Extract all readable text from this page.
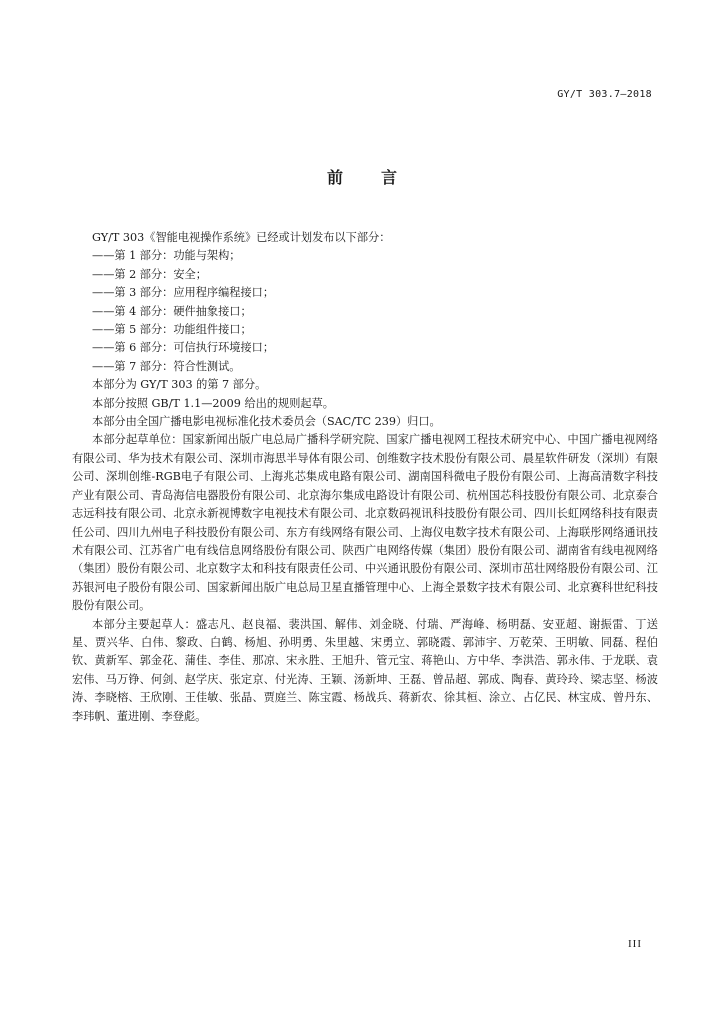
GY/T 303.7—2018
前言

GY/T 303《智能电视操作系统》已经或计划发布以下部分：

——第 1 部分：功能与架构；

——第 2 部分：安全；

——第 3 部分：应用程序编程接口；

——第 4 部分：硬件抽象接口；

——第 5 部分：功能组件接口；

——第 6 部分：可信执行环境接口；

——第 7 部分：符合性测试。

本部分为 GY/T 303 的第 7 部分。

本部分按照 GB/T 1.1—2009 给出的规则起草。

本部分由全国广播电影电视标准化技术委员会（SAC/TC 239）归口。

本部分起草单位：国家新闻出版广电总局广播科学研究院、国家广播电视网工程技术研究中心、中国广播电视网络有限公司、华为技术有限公司、深圳市海思半导体有限公司、创维数字技术股份有限公司、晨星软件研发（深圳）有限公司、深圳创维-RGB电子有限公司、上海兆芯集成电路有限公司、湖南国科微电子股份有限公司、上海高清数字科技产业有限公司、青岛海信电器股份有限公司、北京海尔集成电路设计有限公司、杭州国芯科技股份有限公司、北京泰合志远科技有限公司、北京永新视博数字电视技术有限公司、北京数码视讯科技股份有限公司、四川长虹网络科技有限责任公司、四川九州电子科技股份有限公司、东方有线网络有限公司、上海仪电数字技术有限公司、上海联彤网络通讯技术有限公司、江苏省广电有线信息网络股份有限公司、陕西广电网络传媒（集团）股份有限公司、湖南省有线电视网络（集团）股份有限公司、北京数字太和科技有限责任公司、中兴通讯股份有限公司、深圳市茁壮网络股份有限公司、江苏银河电子股份有限公司、国家新闻出版广电总局卫星直播管理中心、上海全景数字技术有限公司、北京赛科世纪科技股份有限公司。

本部分主要起草人：盛志凡、赵良福、裴洪国、解伟、刘金晓、付瑞、严海峰、杨明磊、安亚超、谢振雷、丁送星、贾兴华、白伟、黎政、白鹤、杨旭、孙明勇、朱里越、宋勇立、郭晓霞、郭沛宇、万乾荣、王明敏、同磊、程伯钦、黄新军、郭金花、蒲佳、李佳、那凉、宋永胜、王旭升、管元宝、蒋艳山、方中华、李洪浩、郭永伟、于龙联、袁宏伟、马万铮、何剑、赵学庆、张定京、付光涛、王颖、汤新坤、王磊、曾品超、郭成、陶春、黄玲玲、梁志坚、杨波涛、李晓榕、王欣刚、王佳敏、张晶、贾庭兰、陈宝霞、杨战兵、蒋新农、徐其桓、涂立、占亿民、林宝成、曾丹东、李玮帆、董进刚、李登彪。

III
